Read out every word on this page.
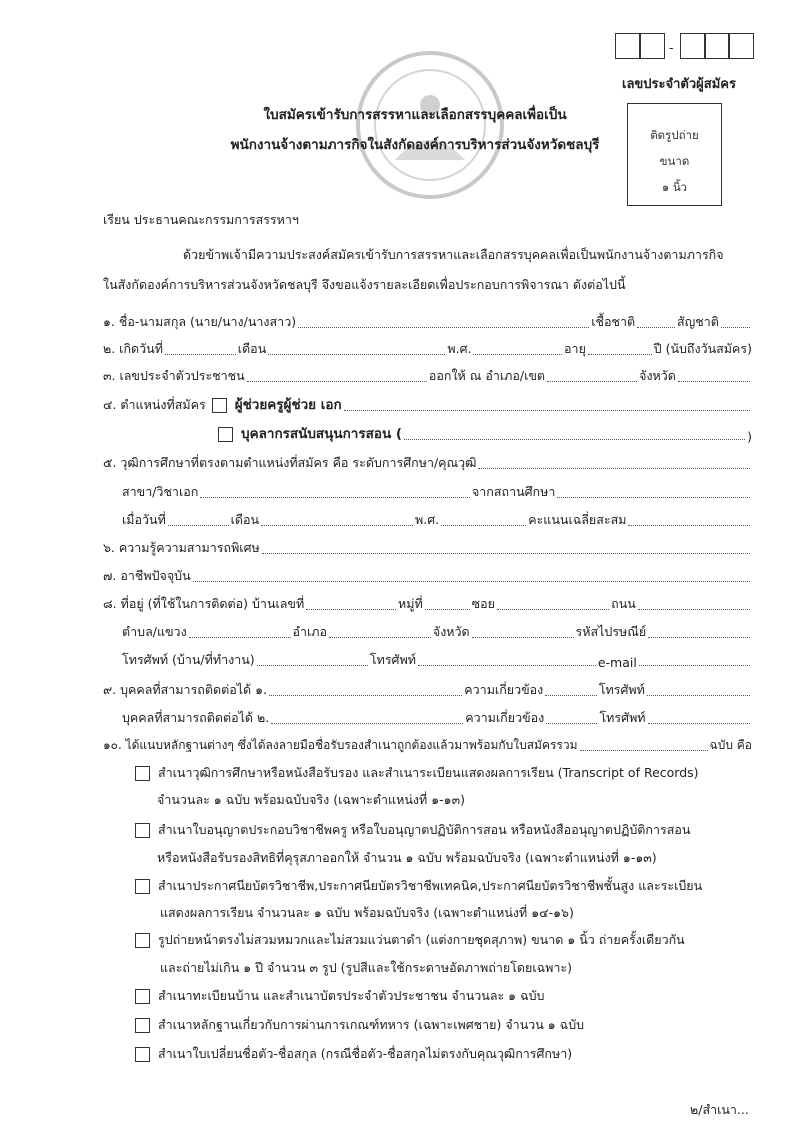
-
เลขประจำตัวผู้สมัคร
ติดรูปถ่าย
ขนาด
๑ นิ้ว
ใบสมัครเข้ารับการสรรหาและเลือกสรรบุคคลเพื่อเป็น
พนักงานจ้างตามภารกิจในสังกัดองค์การบริหารส่วนจังหวัดชลบุรี
เรียน ประธานคณะกรรมการสรรหาฯ
ด้วยข้าพเจ้ามีความประสงค์สมัครเข้ารับการสรรหาและเลือกสรรบุคคลเพื่อเป็นพนักงานจ้างตามภารกิจ
ในสังกัดองค์การบริหารส่วนจังหวัดชลบุรี จึงขอแจ้งรายละเอียดเพื่อประกอบการพิจารณา ดังต่อไปนี้
๑. ชื่อ-นามสกุล (นาย/นาง/นางสาว)	เชื้อชาติ	สัญชาติ
๒. เกิดวันที่	เดือน	พ.ศ.	อายุ	ปี (นับถึงวันสมัคร)
๓. เลขประจำตัวประชาชน	ออกให้ ณ อำเภอ/เขต	จังหวัด
๔. ตำแหน่งที่สมัคร ผู้ช่วยครูผู้ช่วย เอก
บุคลากรสนับสนุนการสอน (	)
๕. วุฒิการศึกษาที่ตรงตามตำแหน่งที่สมัคร คือ ระดับการศึกษา/คุณวุฒิ
สาขา/วิชาเอก	จากสถานศึกษา
เมื่อวันที่	เดือน	พ.ศ.	คะแนนเฉลี่ยสะสม
๖. ความรู้ความสามารถพิเศษ
๗. อาชีพปัจจุบัน
๘. ที่อยู่ (ที่ใช้ในการติดต่อ) บ้านเลขที่	หมู่ที่	ซอย	ถนน
ตำบล/แขวง	อำเภอ	จังหวัด	รหัสไปรษณีย์
โทรศัพท์ (บ้าน/ที่ทำงาน)	โทรศัพท์	e-mail
๙. บุคคลที่สามารถติดต่อได้ ๑.	ความเกี่ยวข้อง	โทรศัพท์
บุคคลที่สามารถติดต่อได้ ๒.	ความเกี่ยวข้อง	โทรศัพท์
๑๐. ได้แนบหลักฐานต่างๆ ซึ่งได้ลงลายมือชื่อรับรองสำเนาถูกต้องแล้วมาพร้อมกับใบสมัครรวม	ฉบับ คือ
สำเนาวุฒิการศึกษาหรือหนังสือรับรอง และสำเนาระเบียนแสดงผลการเรียน (Transcript of Records)
จำนวนละ ๑ ฉบับ พร้อมฉบับจริง (เฉพาะตำแหน่งที่ ๑-๑๓)
สำเนาใบอนุญาตประกอบวิชาชีพครู หรือใบอนุญาตปฏิบัติการสอน หรือหนังสืออนุญาตปฏิบัติการสอน
หรือหนังสือรับรองสิทธิที่คุรุสภาออกให้ จำนวน ๑ ฉบับ พร้อมฉบับจริง (เฉพาะตำแหน่งที่ ๑-๑๓)
สำเนาประกาศนียบัตรวิชาชีพ,ประกาศนียบัตรวิชาชีพเทคนิค,ประกาศนียบัตรวิชาชีพชั้นสูง และระเบียน
แสดงผลการเรียน จำนวนละ ๑ ฉบับ พร้อมฉบับจริง (เฉพาะตำแหน่งที่ ๑๔-๑๖)
รูปถ่ายหน้าตรงไม่สวมหมวกและไม่สวมแว่นตาดำ (แต่งกายชุดสุภาพ) ขนาด ๑ นิ้ว ถ่ายครั้งเดียวกัน
และถ่ายไม่เกิน ๑ ปี จำนวน ๓ รูป (รูปสีและใช้กระดาษอัดภาพถ่ายโดยเฉพาะ)
สำเนาทะเบียนบ้าน และสำเนาบัตรประจำตัวประชาชน จำนวนละ ๑ ฉบับ
สำเนาหลักฐานเกี่ยวกับการผ่านการเกณฑ์ทหาร (เฉพาะเพศชาย) จำนวน ๑ ฉบับ
สำเนาใบเปลี่ยนชื่อตัว-ชื่อสกุล (กรณีชื่อตัว-ชื่อสกุลไม่ตรงกับคุณวุฒิการศึกษา)
๒/สำเนา...
